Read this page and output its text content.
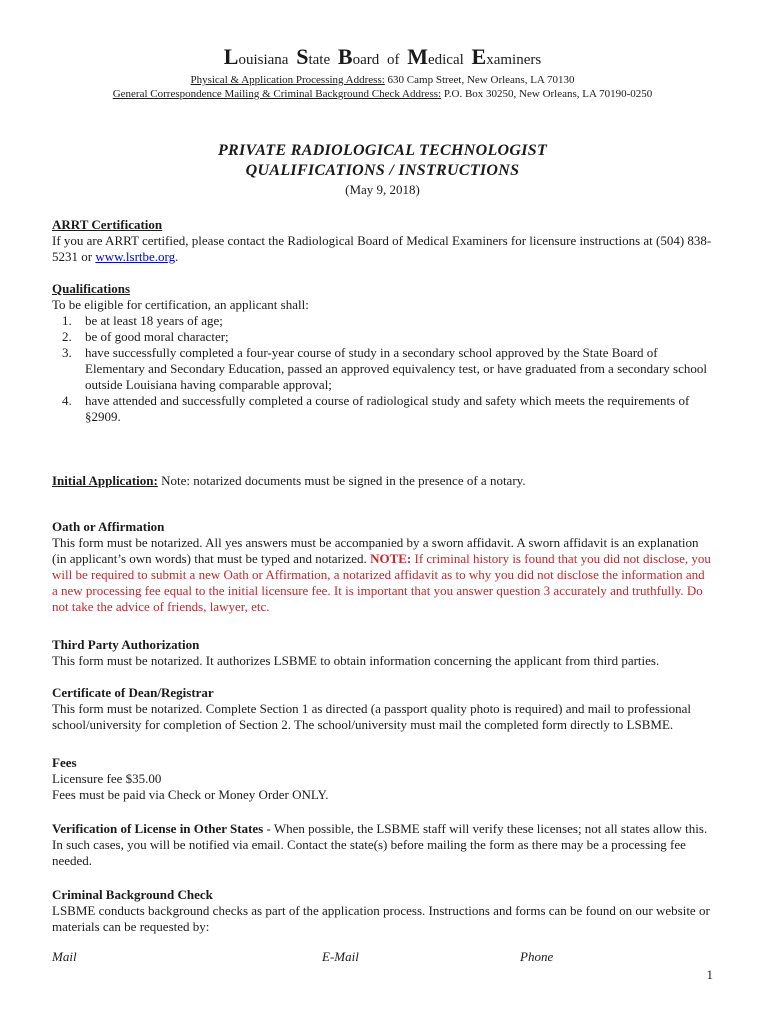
Louisiana State Board of Medical Examiners
Physical & Application Processing Address: 630 Camp Street, New Orleans, LA 70130
General Correspondence Mailing & Criminal Background Check Address: P.O. Box 30250, New Orleans, LA 70190-0250
PRIVATE RADIOLOGICAL TECHNOLOGIST
QUALIFICATIONS / INSTRUCTIONS
(May 9, 2018)
ARRT Certification

If you are ARRT certified, please contact the Radiological Board of Medical Examiners for licensure instructions at (504) 838-5231 or www.lsrtbe.org.

Qualifications

To be eligible for certification, an applicant shall:

1.	be at least 18 years of age;
2.	be of good moral character;
3.	have successfully completed a four-year course of study in a secondary school approved by the State Board of Elementary and Secondary Education, passed an approved equivalency test, or have graduated from a secondary school outside Louisiana having comparable approval;
4.	have attended and successfully completed a course of radiological study and safety which meets the requirements of §2909.

Initial Application: Note: notarized documents must be signed in the presence of a notary.

Oath or Affirmation

This form must be notarized. All yes answers must be accompanied by a sworn affidavit. A sworn affidavit is an explanation (in applicant’s own words) that must be typed and notarized. NOTE: If criminal history is found that you did not disclose, you will be required to submit a new Oath or Affirmation, a notarized affidavit as to why you did not disclose the information and a new processing fee equal to the initial licensure fee. It is important that you answer question 3 accurately and truthfully. Do not take the advice of friends, lawyer, etc.

Third Party Authorization

This form must be notarized. It authorizes LSBME to obtain information concerning the applicant from third parties.

Certificate of Dean/Registrar

This form must be notarized. Complete Section 1 as directed (a passport quality photo is required) and mail to professional school/university for completion of Section 2. The school/university must mail the completed form directly to LSBME.

Fees

Licensure fee $35.00

Fees must be paid via Check or Money Order ONLY.

Verification of License in Other States - When possible, the LSBME staff will verify these licenses; not all states allow this. In such cases, you will be notified via email. Contact the state(s) before mailing the form as there may be a processing fee needed.

Criminal Background Check

LSBME conducts background checks as part of the application process. Instructions and forms can be found on our website or materials can be requested by:

Mail	E-Mail	Phone
1
